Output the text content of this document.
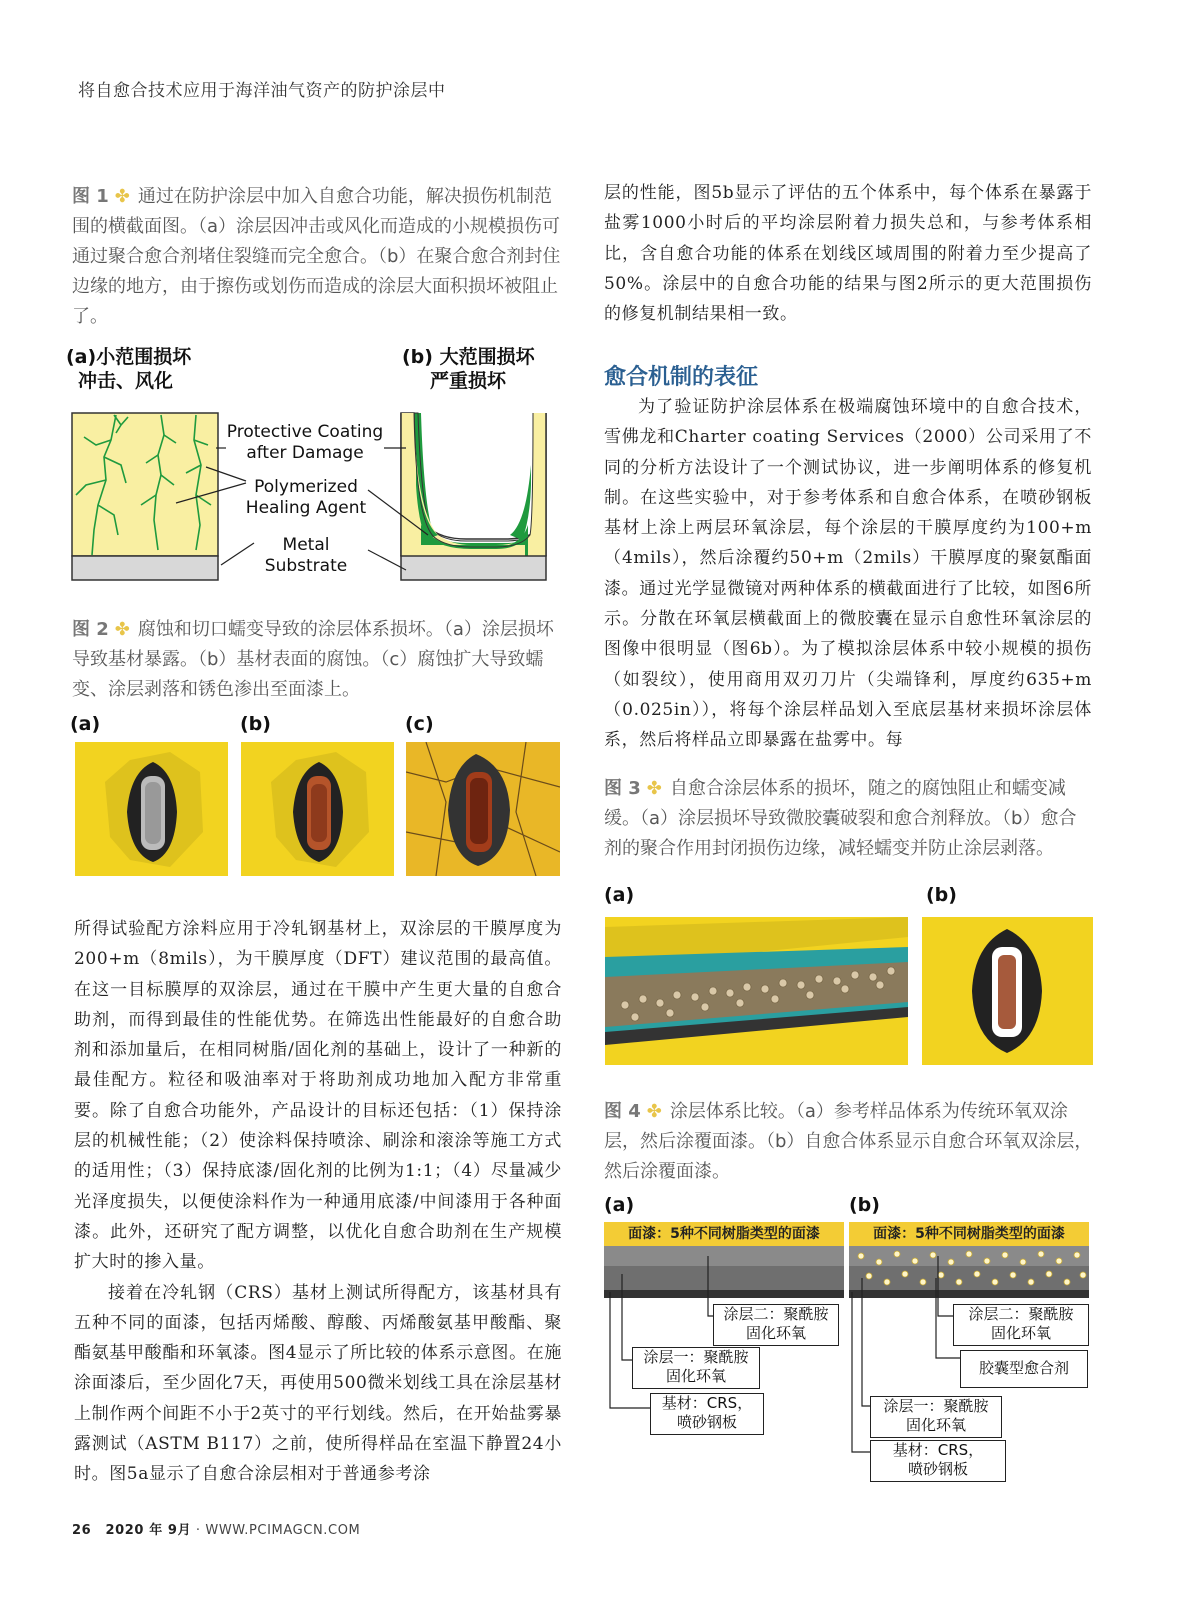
将自愈合技术应用于海洋油气资产的防护涂层中
图 1 ✤ 通过在防护涂层中加入自愈合功能，解决损伤机制范围的横截面图。（a）涂层因冲击或风化而造成的小规模损伤可通过聚合愈合剂堵住裂缝而完全愈合。（b）在聚合愈合剂封住边缘的地方，由于擦伤或划伤而造成的涂层大面积损坏被阻止了。
(a)小范围损坏
冲击、风化
(b) 大范围损坏
严重损坏
Protective Coating
after Damage
Polymerized
Healing Agent
Metal
Substrate
图 2 ✤ 腐蚀和切口蠕变导致的涂层体系损坏。（a）涂层损坏导致基材暴露。（b）基材表面的腐蚀。（c）腐蚀扩大导致蠕变、涂层剥落和锈色渗出至面漆上。
(a)	(b)	(c)

所得试验配方涂料应用于冷轧钢基材上，双涂层的干膜厚度为200+m（8mils），为干膜厚度（DFT）建议范围的最高值。在这一目标膜厚的双涂层，通过在干膜中产生更大量的自愈合助剂，而得到最佳的性能优势。在筛选出性能最好的自愈合助剂和添加量后，在相同树脂/固化剂的基础上，设计了一种新的最佳配方。粒径和吸油率对于将助剂成功地加入配方非常重要。除了自愈合功能外，产品设计的目标还包括：（1）保持涂层的机械性能；（2）使涂料保持喷涂、刷涂和滚涂等施工方式的适用性；（3）保持底漆/固化剂的比例为1:1；（4）尽量减少光泽度损失，以便使涂料作为一种通用底漆/中间漆用于各种面漆。此外，还研究了配方调整，以优化自愈合助剂在生产规模扩大时的掺入量。

接着在冷轧钢（CRS）基材上测试所得配方，该基材具有五种不同的面漆，包括丙烯酸、醇酸、丙烯酸氨基甲酸酯、聚酯氨基甲酸酯和环氧漆。图4显示了所比较的体系示意图。在施涂面漆后，至少固化7天，再使用500微米划线工具在涂层基材上制作两个间距不小于2英寸的平行划线。然后，在开始盐雾暴露测试（ASTM B117）之前，使所得样品在室温下静置24小时。图5a显示了自愈合涂层相对于普通参考涂

层的性能，图5b显示了评估的五个体系中，每个体系在暴露于盐雾1000小时后的平均涂层附着力损失总和，与参考体系相比，含自愈合功能的体系在划线区域周围的附着力至少提高了50%。涂层中的自愈合功能的结果与图2所示的更大范围损伤的修复机制结果相一致。

愈合机制的表征

为了验证防护涂层体系在极端腐蚀环境中的自愈合技术，雪佛龙和Charter coating Services（2000）公司采用了不同的分析方法设计了一个测试协议，进一步阐明体系的修复机制。在这些实验中，对于参考体系和自愈合体系，在喷砂钢板基材上涂上两层环氧涂层，每个涂层的干膜厚度约为100+m（4mils），然后涂覆约50+m（2mils）干膜厚度的聚氨酯面漆。通过光学显微镜对两种体系的横截面进行了比较，如图6所示。分散在环氧层横截面上的微胶囊在显示自愈性环氧涂层的图像中很明显（图6b）。为了模拟涂层体系中较小规模的损伤（如裂纹），使用商用双刃刀片（尖端锋利，厚度约635+m（0.025in）），将每个涂层样品划入至底层基材来损坏涂层体系，然后将样品立即暴露在盐雾中。每

图 3 ✤ 自愈合涂层体系的损坏，随之的腐蚀阻止和蠕变减缓。（a）涂层损坏导致微胶囊破裂和愈合剂释放。（b）愈合剂的聚合作用封闭损伤边缘，减轻蠕变并防止涂层剥落。
(a)	(b)
图 4 ✤ 涂层体系比较。（a）参考样品体系为传统环氧双涂层，然后涂覆面漆。（b）自愈合体系显示自愈合环氧双涂层，然后涂覆面漆。
(a)	(b)
面漆：5种不同树脂类型的面漆	面漆：5种不同树脂类型的面漆
涂层二：聚酰胺
固化环氧
涂层一：聚酰胺
固化环氧
基材：CRS，
喷砂钢板
涂层二：聚酰胺
固化环氧
胶囊型愈合剂
涂层一：聚酰胺
固化环氧
基材：CRS，
喷砂钢板
26 2020 年 9月 · WWW.PCIMAGCN.COM
